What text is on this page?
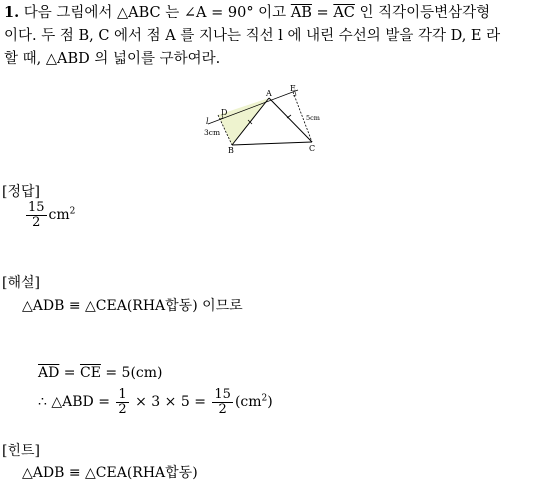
1. 다음 그림에서 △ABC 는 ∠A = 90° 이고 $\overline{AB} = \overline{AC}$ 인 직각이등변삼각형
이다. 두 점 B, C 에서 점 A 를 지나는 직선 l 에 내린 수선의 발을 각각 D, E 라
할 때, △ABD 의 넓이를 구하여라.
A
B	C
D
E
l
3cm
5cm
[정답]
$\frac{15}{2} cm^2$
[해설]
△ADB ≡ △CEA(RHA합동) 이므로
$\overline{AD} = \overline{CE} = 5(cm)$
∴ △ABD = $\frac{1}{2} \times 3 \times 5 = \frac{15}{2} (cm^2)$
[힌트]
△ADB ≡ △CEA(RHA합동)
